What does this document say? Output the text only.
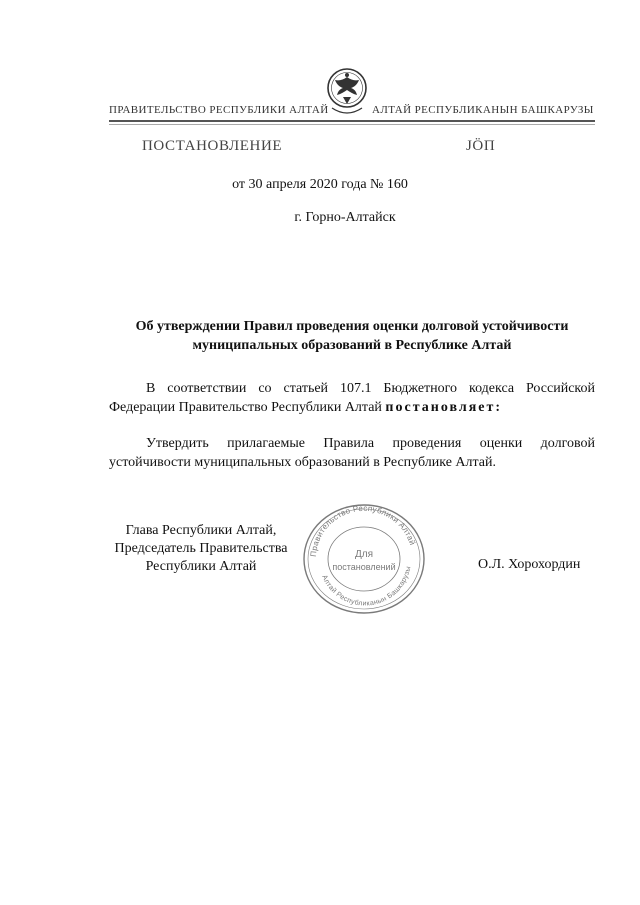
ПРАВИТЕЛЬСТВО РЕСПУБЛИКИ АЛТАЙ	АЛТАЙ РЕСПУБЛИКАНЫН БАШКАРУЗЫ
ПОСТАНОВЛЕНИЕ	ЈÖП
от 30 апреля 2020 года № 160
г. Горно-Алтайск
Об утверждении Правил проведения оценки долговой устойчивости
муниципальных образований в Республике Алтай

В соответствии со статьей 107.1 Бюджетного кодекса Российской Федерации Правительство Республики Алтай постановляет:

Утвердить прилагаемые Правила проведения оценки долговой устойчивости муниципальных образований в Республике Алтай.

Глава Республики Алтай,
Председатель Правительства
Республики Алтай
Правительство Республики Алтай
Алтай Республиканын Башкарузы
Для
постановлений	О.Л. Хорохордин
